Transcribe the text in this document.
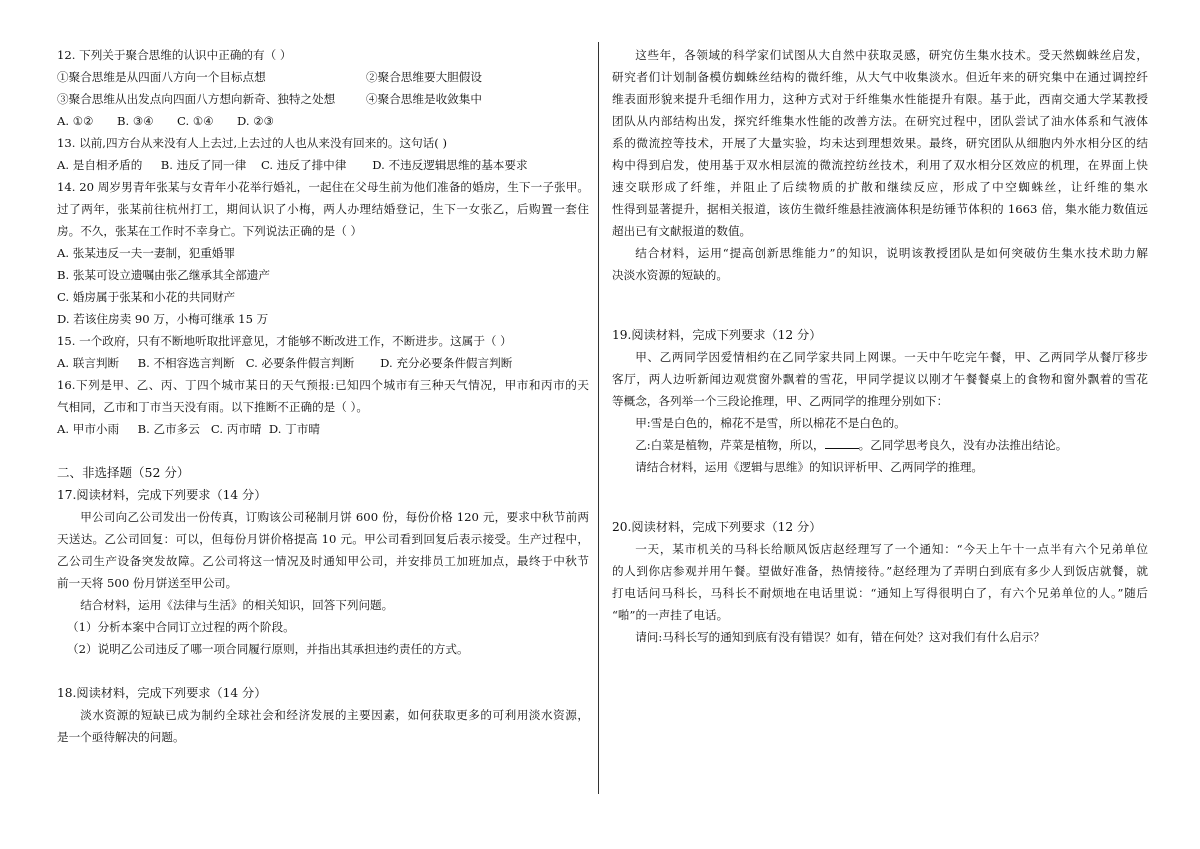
12. 下列关于聚合思维的认识中正确的有（ ）
①聚合思维是从四面八方向一个目标点想	②聚合思维要大胆假设
③聚合思维从出发点向四面八方想向新奇、独特之处想	④聚合思维是收敛集中
A. ①②	B. ③④	C. ①④	D. ②③
13. 以前,四方台从来没有人上去过,上去过的人也从来没有回来的。这句话( )
A. 是自相矛盾的 B. 违反了同一律 C. 违反了排中律 D. 不违反逻辑思维的基本要求
14. 20 周岁男青年张某与女青年小花举行婚礼，一起住在父母生前为他们准备的婚房，生下一子张甲。
过了两年，张某前往杭州打工，期间认识了小梅，两人办理结婚登记，生下一女张乙，后购置一套住
房。不久，张某在工作时不幸身亡。下列说法正确的是（ ）
A. 张某违反一夫一妻制，犯重婚罪
B. 张某可设立遗嘱由张乙继承其全部遗产
C. 婚房属于张某和小花的共同财产
D. 若该住房卖 90 万，小梅可继承 15 万
15. 一个政府，只有不断地听取批评意见，才能够不断改进工作，不断进步。这属于（ ）
A. 联言判断 B. 不相容选言判断 C. 必要条件假言判断 D. 充分必要条件假言判断
16.下列是甲、乙、丙、丁四个城市某日的天气预报:已知四个城市有三种天气情况，甲市和丙市的天
气相同，乙市和丁市当天没有雨。以下推断不正确的是（ ）。
A. 甲市小雨 B. 乙市多云 C. 丙市晴 D. 丁市晴
二、非选择题（52 分）
17.阅读材料，完成下列要求（14 分）
甲公司向乙公司发出一份传真，订购该公司秘制月饼 600 份，每份价格 120 元，要求中秋节前两
天送达。乙公司回复：可以，但每份月饼价格提高 10 元。甲公司看到回复后表示接受。生产过程中，
乙公司生产设备突发故障。乙公司将这一情况及时通知甲公司，并安排员工加班加点，最终于中秋节
前一天将 500 份月饼送至甲公司。
结合材料，运用《法律与生活》的相关知识，回答下列问题。
（1）分析本案中合同订立过程的两个阶段。
（2）说明乙公司违反了哪一项合同履行原则，并指出其承担违约责任的方式。
18.阅读材料，完成下列要求（14 分）
淡水资源的短缺已成为制约全球社会和经济发展的主要因素，如何获取更多的可利用淡水资源，
是一个亟待解决的问题。
这些年，各领域的科学家们试图从大自然中获取灵感，研究仿生集水技术。受天然蜘蛛丝启发，
研究者们计划制备模仿蜘蛛丝结构的微纤维，从大气中收集淡水。但近年来的研究集中在通过调控纤
维表面形貌来提升毛细作用力，这种方式对于纤维集水性能提升有限。基于此，西南交通大学某教授
团队从内部结构出发，探究纤维集水性能的改善方法。在研究过程中，团队尝试了油水体系和气液体
系的微流控等技术，开展了大量实验，均未达到理想效果。最终，研究团队从细胞内外水相分区的结
构中得到启发，使用基于双水相层流的微流控纺丝技术，利用了双水相分区效应的机理，在界面上快
速交联形成了纤维，并阻止了后续物质的扩散和继续反应，形成了中空蜘蛛丝，让纤维的集水
性得到显著提升，据相关报道，该仿生微纤维悬挂液滴体积是纺锤节体积的 1663 倍，集水能力数值远
超出已有文献报道的数值。
结合材料，运用“提高创新思维能力”的知识，说明该教授团队是如何突破仿生集水技术助力解
决淡水资源的短缺的。
19.阅读材料，完成下列要求（12 分）
甲、乙两同学因爱情相约在乙同学家共同上网课。一天中午吃完午餐，甲、乙两同学从餐厅移步
客厅，两人边听新闻边观赏窗外飘着的雪花，甲同学提议以刚才午餐餐桌上的食物和窗外飘着的雪花
等概念，各列举一个三段论推理，甲、乙两同学的推理分别如下：
甲:雪是白色的，棉花不是雪，所以棉花不是白色的。
乙:白菜是植物，芹菜是植物，所以，	。乙同学思考良久，没有办法推出结论。
请结合材料，运用《逻辑与思维》的知识评析甲、乙两同学的推理。
20.阅读材料，完成下列要求（12 分）
一天，某市机关的马科长给顺风饭店赵经理写了一个通知：“今天上午十一点半有六个兄弟单位
的人到你店参观并用午餐。望做好准备，热情接待。”赵经理为了弄明白到底有多少人到饭店就餐，就
打电话问马科长，马科长不耐烦地在电话里说：“通知上写得很明白了，有六个兄弟单位的人。”随后
“啪”的一声挂了电话。
请问:马科长写的通知到底有没有错误？如有，错在何处？这对我们有什么启示？
